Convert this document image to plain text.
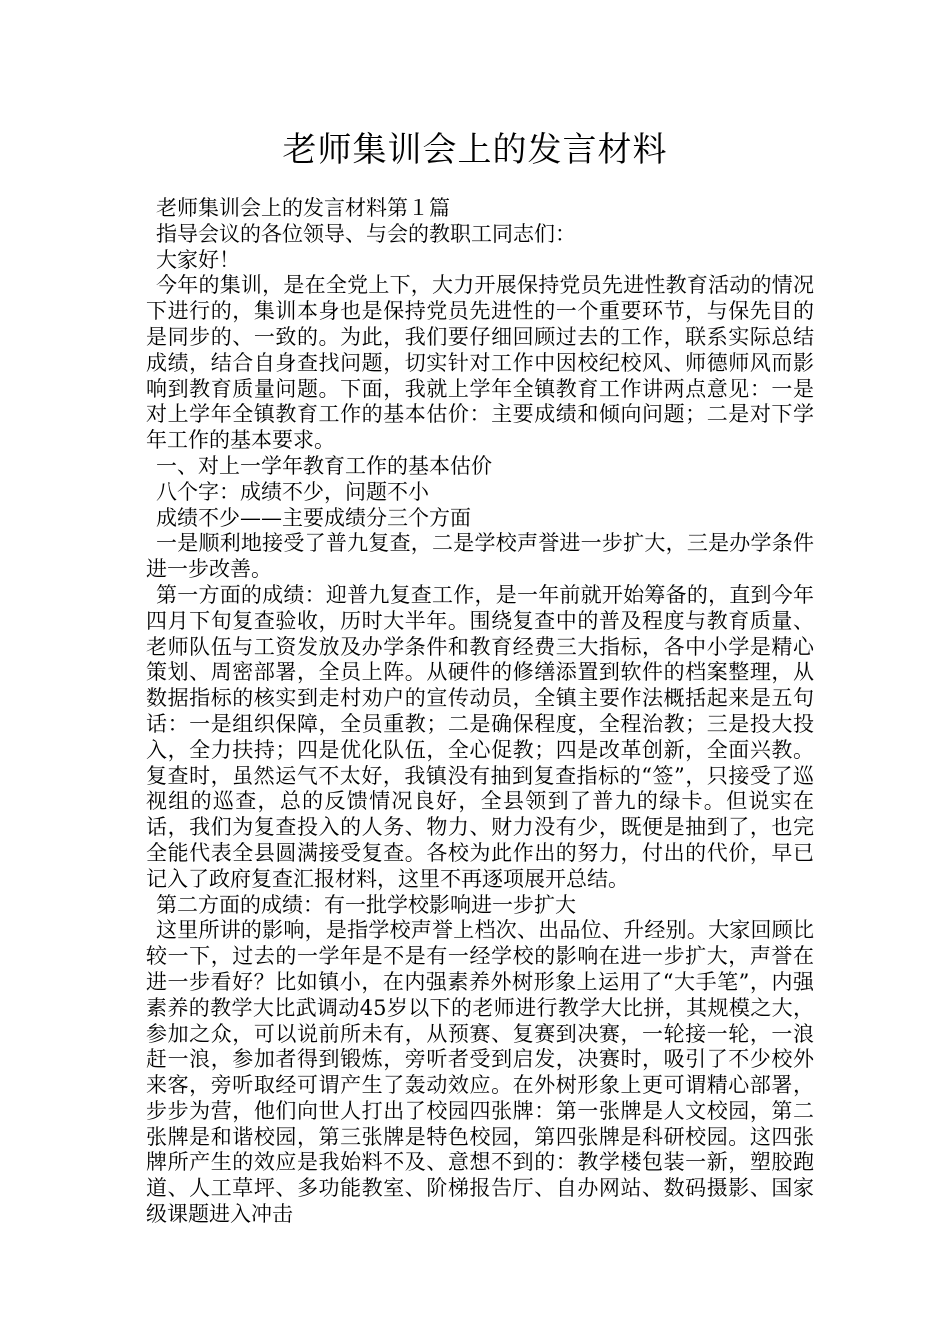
老师集训会上的发言材料

老师集训会上的发言材料第１篇

指导会议的各位领导、与会的教职工同志们：

大家好！

今年的集训，是在全党上下，大力开展保持党员先进性教育活动的情况下进行的，集训本身也是保持党员先进性的一个重要环节，与保先目的是同步的、一致的。为此，我们要仔细回顾过去的工作，联系实际总结成绩，结合自身查找问题，切实针对工作中因校纪校风、师德师风而影响到教育质量问题。下面，我就上学年全镇教育工作讲两点意见：一是对上学年全镇教育工作的基本估价：主要成绩和倾向问题；二是对下学年工作的基本要求。

一、对上一学年教育工作的基本估价

八个字：成绩不少，问题不小

成绩不少——主要成绩分三个方面

一是顺利地接受了普九复查，二是学校声誉进一步扩大，三是办学条件进一步改善。

第一方面的成绩：迎普九复查工作，是一年前就开始筹备的，直到今年四月下旬复查验收，历时大半年。围绕复查中的普及程度与教育质量、老师队伍与工资发放及办学条件和教育经费三大指标，各中小学是精心策划、周密部署，全员上阵。从硬件的修缮添置到软件的档案整理，从数据指标的核实到走村劝户的宣传动员，全镇主要作法概括起来是五句话：一是组织保障，全员重教；二是确保程度，全程治教；三是投大投入，全力扶持；四是优化队伍，全心促教；四是改革创新，全面兴教。复查时，虽然运气不太好，我镇没有抽到复查指标的“签”，只接受了巡视组的巡查，总的反馈情况良好，全县领到了普九的绿卡。但说实在话，我们为复查投入的人务、物力、财力没有少，既便是抽到了，也完全能代表全县圆满接受复查。各校为此作出的努力，付出的代价，早已记入了政府复查汇报材料，这里不再逐项展开总结。

第二方面的成绩：有一批学校影响进一步扩大

这里所讲的影响，是指学校声誉上档次、出品位、升经别。大家回顾比较一下，过去的一学年是不是有一经学校的影响在进一步扩大，声誉在进一步看好？比如镇小，在内强素养外树形象上运用了“大手笔”，内强素养的教学大比武调动45岁以下的老师进行教学大比拼，其规模之大，参加之众，可以说前所未有，从预赛、复赛到决赛，一轮接一轮，一浪赶一浪，参加者得到锻炼，旁听者受到启发，决赛时，吸引了不少校外来客，旁听取经可谓产生了轰动效应。在外树形象上更可谓精心部署，步步为营，他们向世人打出了校园四张牌：第一张牌是人文校园，第二张牌是和谐校园，第三张牌是特色校园，第四张牌是科研校园。这四张牌所产生的效应是我始料不及、意想不到的：教学楼包装一新，塑胶跑道、人工草坪、多功能教室、阶梯报告厅、自办网站、数码摄影、国家级课题进入冲击
